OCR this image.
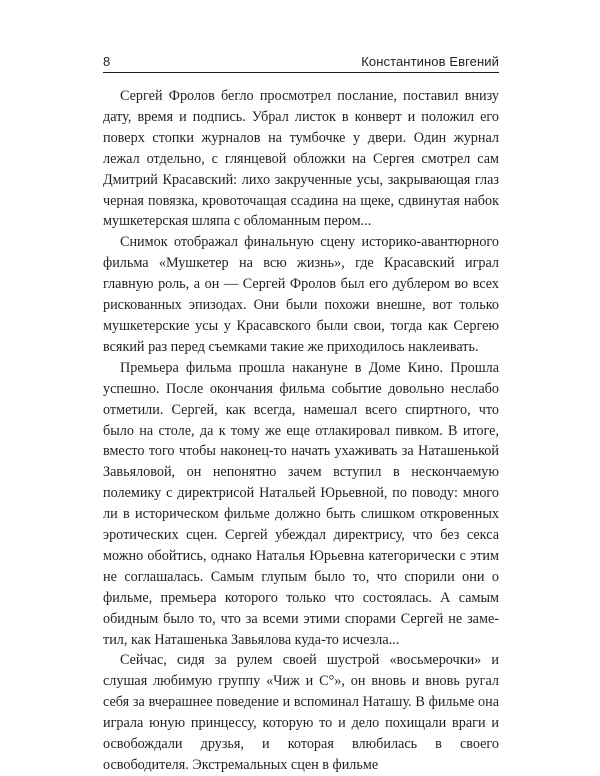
8	Константинов Евгений

Сергей Фролов бегло просмотрел послание, поставил внизу дату, время и подпись. Убрал листок в конверт и положил его поверх стопки журналов на тумбочке у двери. Один журнал лежал отдельно, с глянцевой обложки на Сергея смотрел сам Дмитрий Красавский: лихо закрученные усы, закрывающая глаз черная повязка, кровоточащая ссадина на щеке, сдвинутая набок мушкетерская шляпа с обломанным пером...

Снимок отображал финальную сцену историко-авантюрного фильма «Мушкетер на всю жизнь», где Красавский играл главную роль, а он — Сергей Фролов был его дублером во всех рискованных эпизодах. Они были похожи внешне, вот только мушкетерские усы у Красавского были свои, тогда как Сергею всякий раз перед съемками такие же приходилось наклеивать.

Премьера фильма прошла накануне в Доме Кино. Прошла успешно. После окончания фильма событие довольно неслабо отметили. Сергей, как всегда, намешал всего спиртного, что было на столе, да к тому же еще отлакировал пивком. В итоге, вместо того чтобы наконец-то начать ухаживать за Наташенькой Завьяловой, он непонятно зачем вступил в нескончаемую полемику с директрисой Натальей Юрьевной, по поводу: много ли в историческом фильме должно быть слишком откровенных эротических сцен. Сергей убеждал директрису, что без секса можно обойтись, однако Наталья Юрьевна категорически с этим не соглашалась. Самым глупым было то, что спорили они о фильме, премьера которого только что состоялась. А самым обидным было то, что за всеми этими спорами Сергей не заметил, как Наташенька Завьялова куда-то исчезла...

Сейчас, сидя за рулем своей шустрой «восьмерочки» и слушая любимую группу «Чиж и С°», он вновь и вновь ругал себя за вчерашнее поведение и вспоминал Наташу. В фильме она играла юную принцессу, которую то и дело похищали враги и освобождали друзья, и которая влюбилась в своего освободителя. Экстремальных сцен в фильме
